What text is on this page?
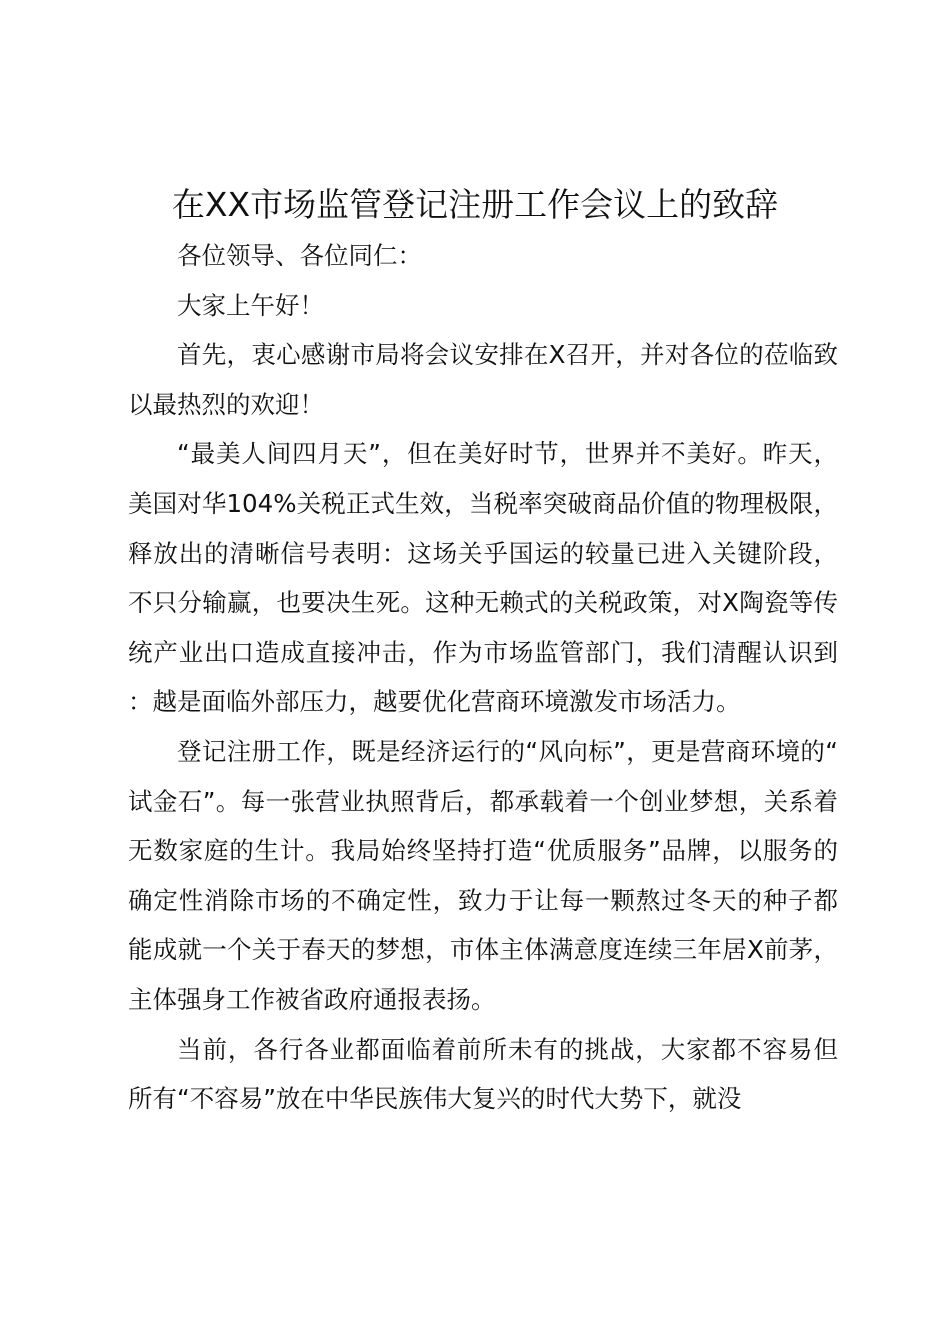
在XX市场监管登记注册工作会议上的致辞

各位领导、各位同仁：

大家上午好！

首先，衷心感谢市局将会议安排在X召开，并对各位的莅临致以最热烈的欢迎！

“最美人间四月天”，但在美好时节，世界并不美好。昨天，美国对华104%关税正式生效，当税率突破商品价值的物理极限，释放出的清晰信号表明：这场关乎国运的较量已进入关键阶段，不只分输赢，也要决生死。这种无赖式的关税政策，对X陶瓷等传统产业出口造成直接冲击，作为市场监管部门，我们清醒认识到：越是面临外部压力，越要优化营商环境激发市场活力。

登记注册工作，既是经济运行的“风向标”，更是营商环境的“试金石”。每一张营业执照背后，都承载着一个创业梦想，关系着无数家庭的生计。我局始终坚持打造“优质服务”品牌，以服务的确定性消除市场的不确定性，致力于让每一颗熬过冬天的种子都能成就一个关于春天的梦想，市体主体满意度连续三年居X前茅，主体强身工作被省政府通报表扬。

当前，各行各业都面临着前所未有的挑战，大家都不容易但所有“不容易”放在中华民族伟大复兴的时代大势下，就没
